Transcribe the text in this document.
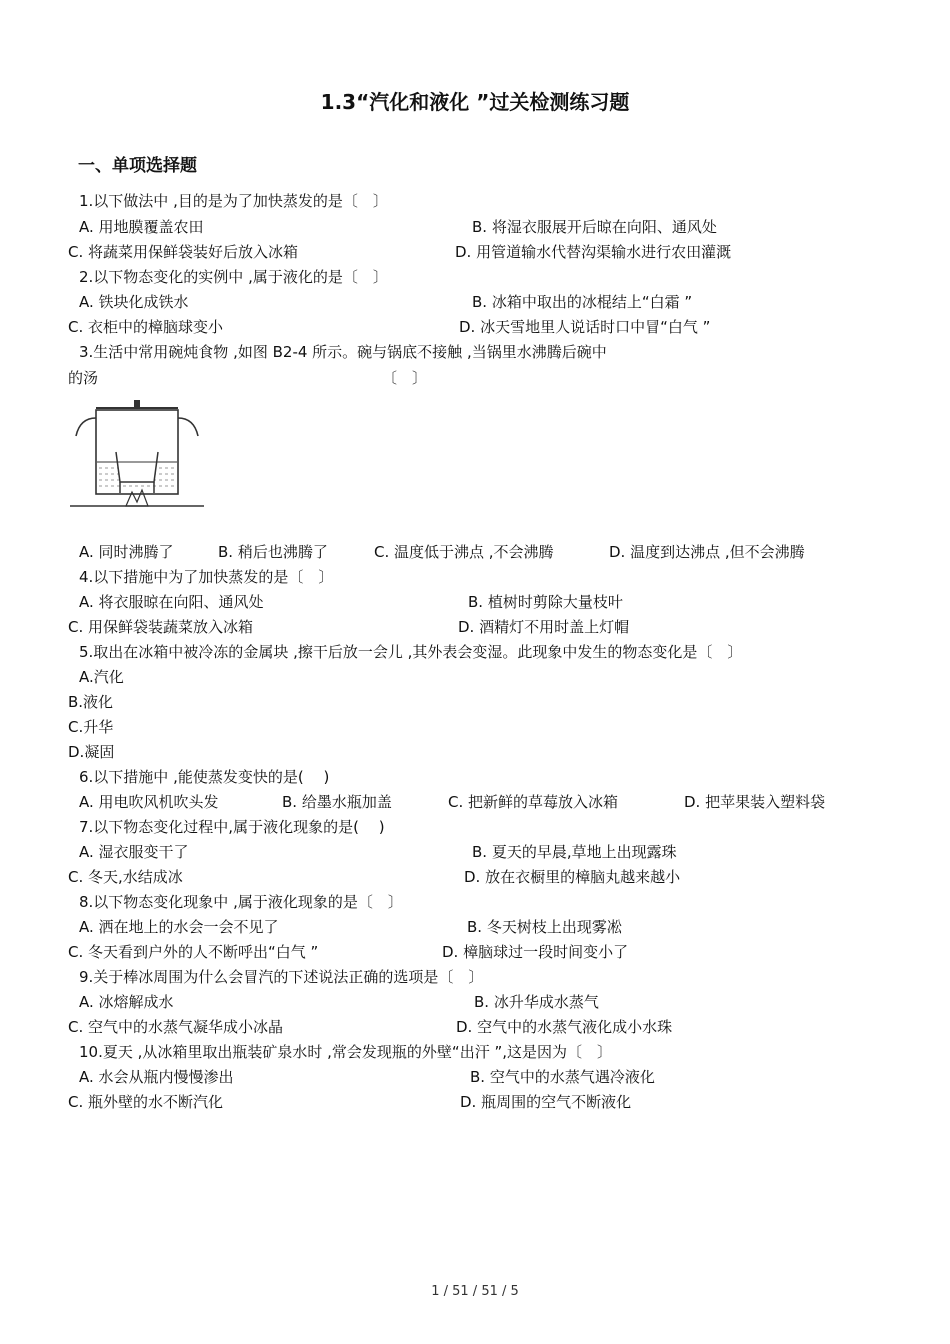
1.3“汽化和液化 ”过关检测练习题
一、单项选择题
1.以下做法中 ,目的是为了加快蒸发的是〔　〕
A. 用地膜覆盖农田	B. 将湿衣服展开后晾在向阳、通风处
C. 将蔬菜用保鲜袋装好后放入冰箱	D. 用管道输水代替沟渠输水进行农田灌溉
2.以下物态变化的实例中 ,属于液化的是〔　〕
A. 铁块化成铁水	B. 冰箱中取出的冰棍结上“白霜 ”
C. 衣柜中的樟脑球变小	D. 冰天雪地里人说话时口中冒“白气 ”
3.生活中常用碗炖食物 ,如图 B2-4 所示。碗与锅底不接触 ,当锅里水沸腾后碗中
的汤	〔　〕
A. 同时沸腾了	B. 稍后也沸腾了	C. 温度低于沸点 ,不会沸腾	D. 温度到达沸点 ,但不会沸腾
4.以下措施中为了加快蒸发的是〔　〕
A. 将衣服晾在向阳、通风处	B. 植树时剪除大量枝叶
C. 用保鲜袋装蔬菜放入冰箱	D. 酒精灯不用时盖上灯帽
5.取出在冰箱中被冷冻的金属块 ,擦干后放一会儿 ,其外表会变湿。此现象中发生的物态变化是〔　〕
A.汽化
B.液化
C.升华
D.凝固
6.以下措施中 ,能使蒸发变快的是(　 )
A. 用电吹风机吹头发	B. 给墨水瓶加盖	C. 把新鲜的草莓放入冰箱	D. 把苹果装入塑料袋
7.以下物态变化过程中,属于液化现象的是(　 )
A. 湿衣服变干了	B. 夏天的早晨,草地上出现露珠
C. 冬天,水结成冰	D. 放在衣橱里的樟脑丸越来越小
8.以下物态变化现象中 ,属于液化现象的是〔　〕
A. 洒在地上的水会一会不见了	B. 冬天树枝上出现雾凇
C. 冬天看到户外的人不断呼出“白气 ”	D. 樟脑球过一段时间变小了
9.关于棒冰周围为什么会冒汽的下述说法正确的选项是〔　〕
A. 冰熔解成水	B. 冰升华成水蒸气
C. 空气中的水蒸气凝华成小冰晶	D. 空气中的水蒸气液化成小水珠
10.夏天 ,从冰箱里取出瓶装矿泉水时 ,常会发现瓶的外壁“出汗 ”,这是因为〔　〕
A. 水会从瓶内慢慢渗出	B. 空气中的水蒸气遇冷液化
C. 瓶外壁的水不断汽化	D. 瓶周围的空气不断液化
1 / 51 / 51 / 5
